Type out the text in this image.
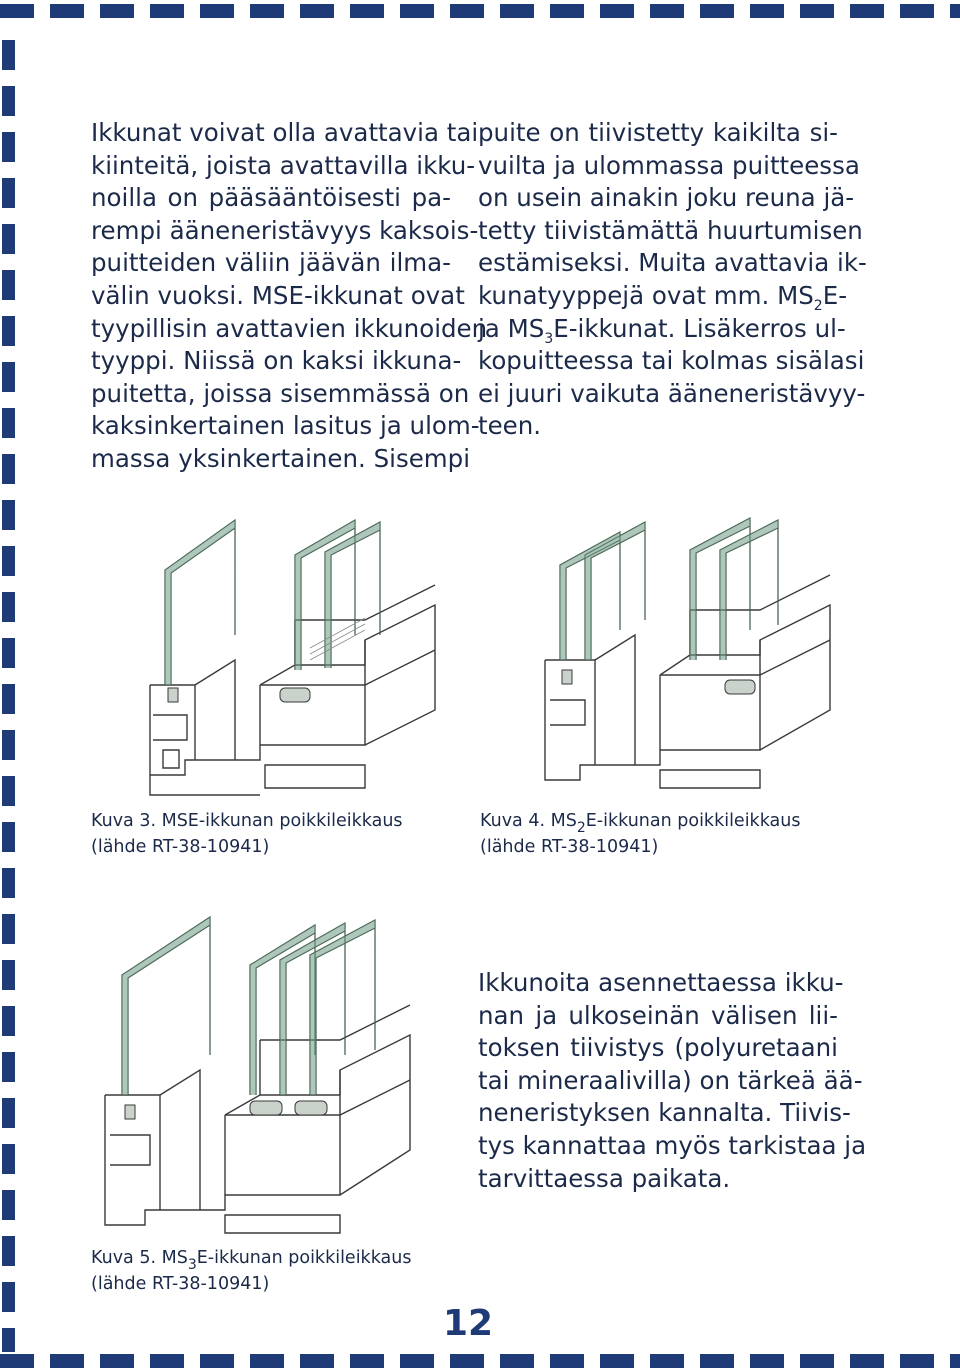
Ikkunat voivat olla avattavia tai
kiinteitä, joista avattavilla ikku-
noilla on pääsääntöisesti pa-
rempi ääneneristävyys kaksois-
puitteiden väliin jäävän ilma-
välin vuoksi. MSE-ikkunat ovat
tyypillisin avattavien ikkunoiden
tyyppi. Niissä on kaksi ikkuna-
puitetta, joissa sisemmässä on
kaksinkertainen lasitus ja ulom-
massa yksinkertainen. Sisempi

puite on tiivistetty kaikilta si-
vuilta ja ulommassa puitteessa
on usein ainakin joku reuna jä-
tetty tiivistämättä huurtumisen
estämiseksi. Muita avattavia ik-
kunatyyppejä ovat mm. $MS_2E-$
ja $MS_3E$-ikkunat. Lisäkerros ul-
kopuitteessa tai kolmas sisälasi
ei juuri vaikuta ääneneristävyy-
teen.

Kuva 3. MSE-ikkunan poikkileikkaus
(lähde RT-38-10941)

Kuva 4. $MS_2E$-ikkunan poikkileikkaus
(lähde RT-38-10941)

Kuva 5. $MS_3E$-ikkunan poikkileikkaus
(lähde RT-38-10941)

Ikkunoita asennettaessa ikku-
nan ja ulkoseinän välisen lii-
toksen tiivistys (polyuretaani
tai mineraalivilla) on tärkeä ää-
neneristyksen kannalta. Tiivis-
tys kannattaa myös tarkistaa ja
tarvittaessa paikata.

12
